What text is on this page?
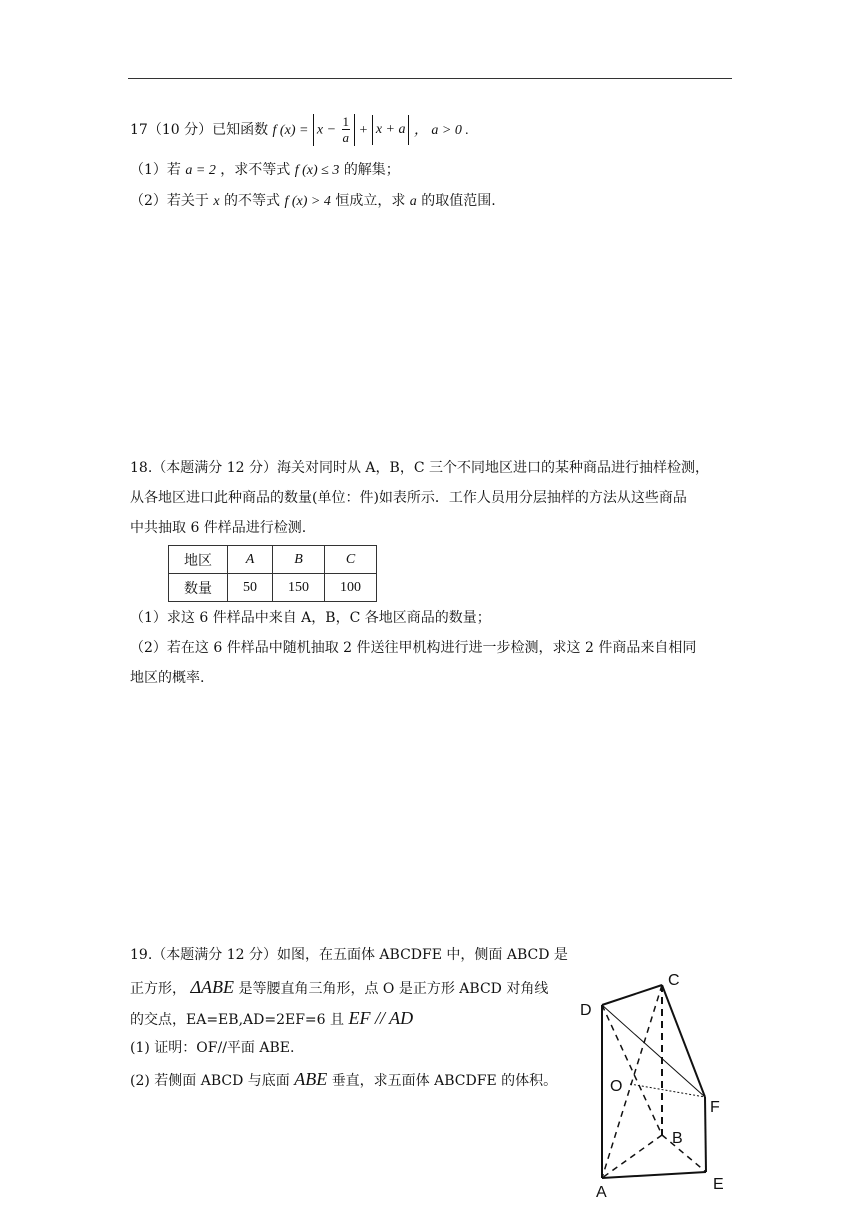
17（10 分）已知函数 f $(x) = x - \frac{1}{a} + x + a$ ， a > 0 .
（1）若 a = 2 ，求不等式 f (x) ≤ 3 的解集；
（2）若关于 x 的不等式 f (x) > 4 恒成立，求 a 的取值范围.
18.（本题满分 12 分）海关对同时从 A，B，C 三个不同地区进口的某种商品进行抽样检测，
从各地区进口此种商品的数量(单位：件)如表所示．工作人员用分层抽样的方法从这些商品
中共抽取 6 件样品进行检测.
地区	A	B	C
数量	50	150	100
（1）求这 6 件样品中来自 A，B，C 各地区商品的数量；
（2）若在这 6 件样品中随机抽取 2 件送往甲机构进行进一步检测，求这 2 件商品来自相同
地区的概率.
19.（本题满分 12 分）如图，在五面体 ABCDFE 中，侧面 ABCD 是
正方形， ΔABE 是等腰直角三角形，点 O 是正方形 ABCD 对角线
的交点，EA=EB,AD=2EF=6 且 EF // AD
(1) 证明：OF//平面 ABE.
(2) 若侧面 ABCD 与底面 ABE 垂直，求五面体 ABCDFE 的体积。
C
D
O
F
B
E
A
